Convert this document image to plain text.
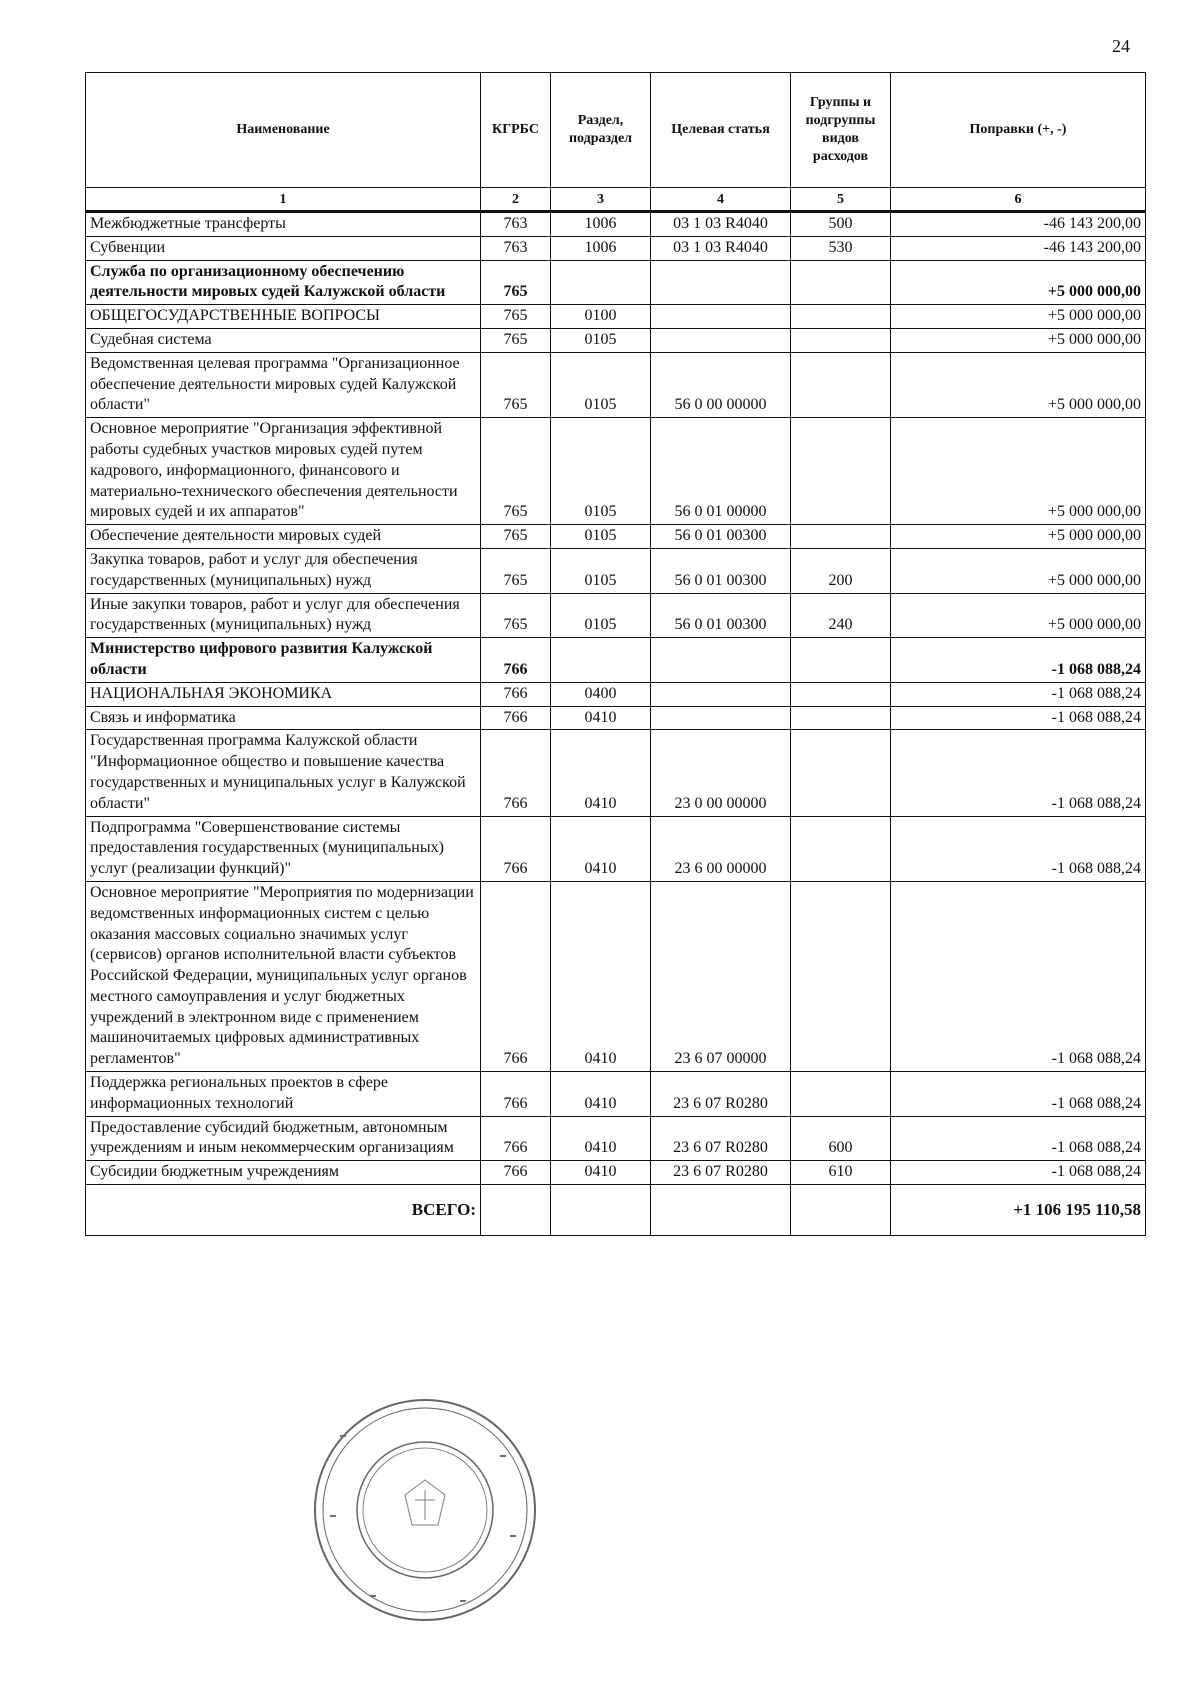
24
Наименование	КГРБС	Раздел, подраздел	Целевая статья	Группы и подгруппы видов расходов	Поправки (+, -)
1	2	3	4	5	6
Межбюджетные трансферты	763	1006	03 1 03 R4040	500	-46 143 200,00
Субвенции	763	1006	03 1 03 R4040	530	-46 143 200,00
Служба по организационному обеспечению деятельности мировых судей Калужской области	765				+5 000 000,00
ОБЩЕГОСУДАРСТВЕННЫЕ ВОПРОСЫ	765	0100			+5 000 000,00
Судебная система	765	0105			+5 000 000,00
Ведомственная целевая программа "Организационное обеспечение деятельности мировых судей Калужской области"	765	0105	56 0 00 00000		+5 000 000,00
Основное мероприятие "Организация эффективной работы судебных участков мировых судей путем кадрового, информационного, финансового и материально-технического обеспечения деятельности мировых судей и их аппаратов"	765	0105	56 0 01 00000		+5 000 000,00
Обеспечение деятельности мировых судей	765	0105	56 0 01 00300		+5 000 000,00
Закупка товаров, работ и услуг для обеспечения государственных (муниципальных) нужд	765	0105	56 0 01 00300	200	+5 000 000,00
Иные закупки товаров, работ и услуг для обеспечения государственных (муниципальных) нужд	765	0105	56 0 01 00300	240	+5 000 000,00
Министерство цифрового развития Калужской области	766				-1 068 088,24
НАЦИОНАЛЬНАЯ ЭКОНОМИКА	766	0400			-1 068 088,24
Связь и информатика	766	0410			-1 068 088,24
Государственная программа Калужской области "Информационное общество и повышение качества государственных и муниципальных услуг в Калужской области"	766	0410	23 0 00 00000		-1 068 088,24
Подпрограмма "Совершенствование системы предоставления государственных (муниципальных) услуг (реализации функций)"	766	0410	23 6 00 00000		-1 068 088,24
Основное мероприятие "Мероприятия по модернизации ведомственных информационных систем с целью оказания массовых социально значимых услуг (сервисов) органов исполнительной власти субъектов Российской Федерации, муниципальных услуг органов местного самоуправления и услуг бюджетных учреждений в электронном виде с применением машиночитаемых цифровых административных регламентов"	766	0410	23 6 07 00000		-1 068 088,24
Поддержка региональных проектов в сфере информационных технологий	766	0410	23 6 07 R0280		-1 068 088,24
Предоставление субсидий бюджетным, автономным учреждениям и иным некоммерческим организациям	766	0410	23 6 07 R0280	600	-1 068 088,24
Субсидии бюджетным учреждениям	766	0410	23 6 07 R0280	610	-1 068 088,24
ВСЕГО:					+1 106 195 110,58
